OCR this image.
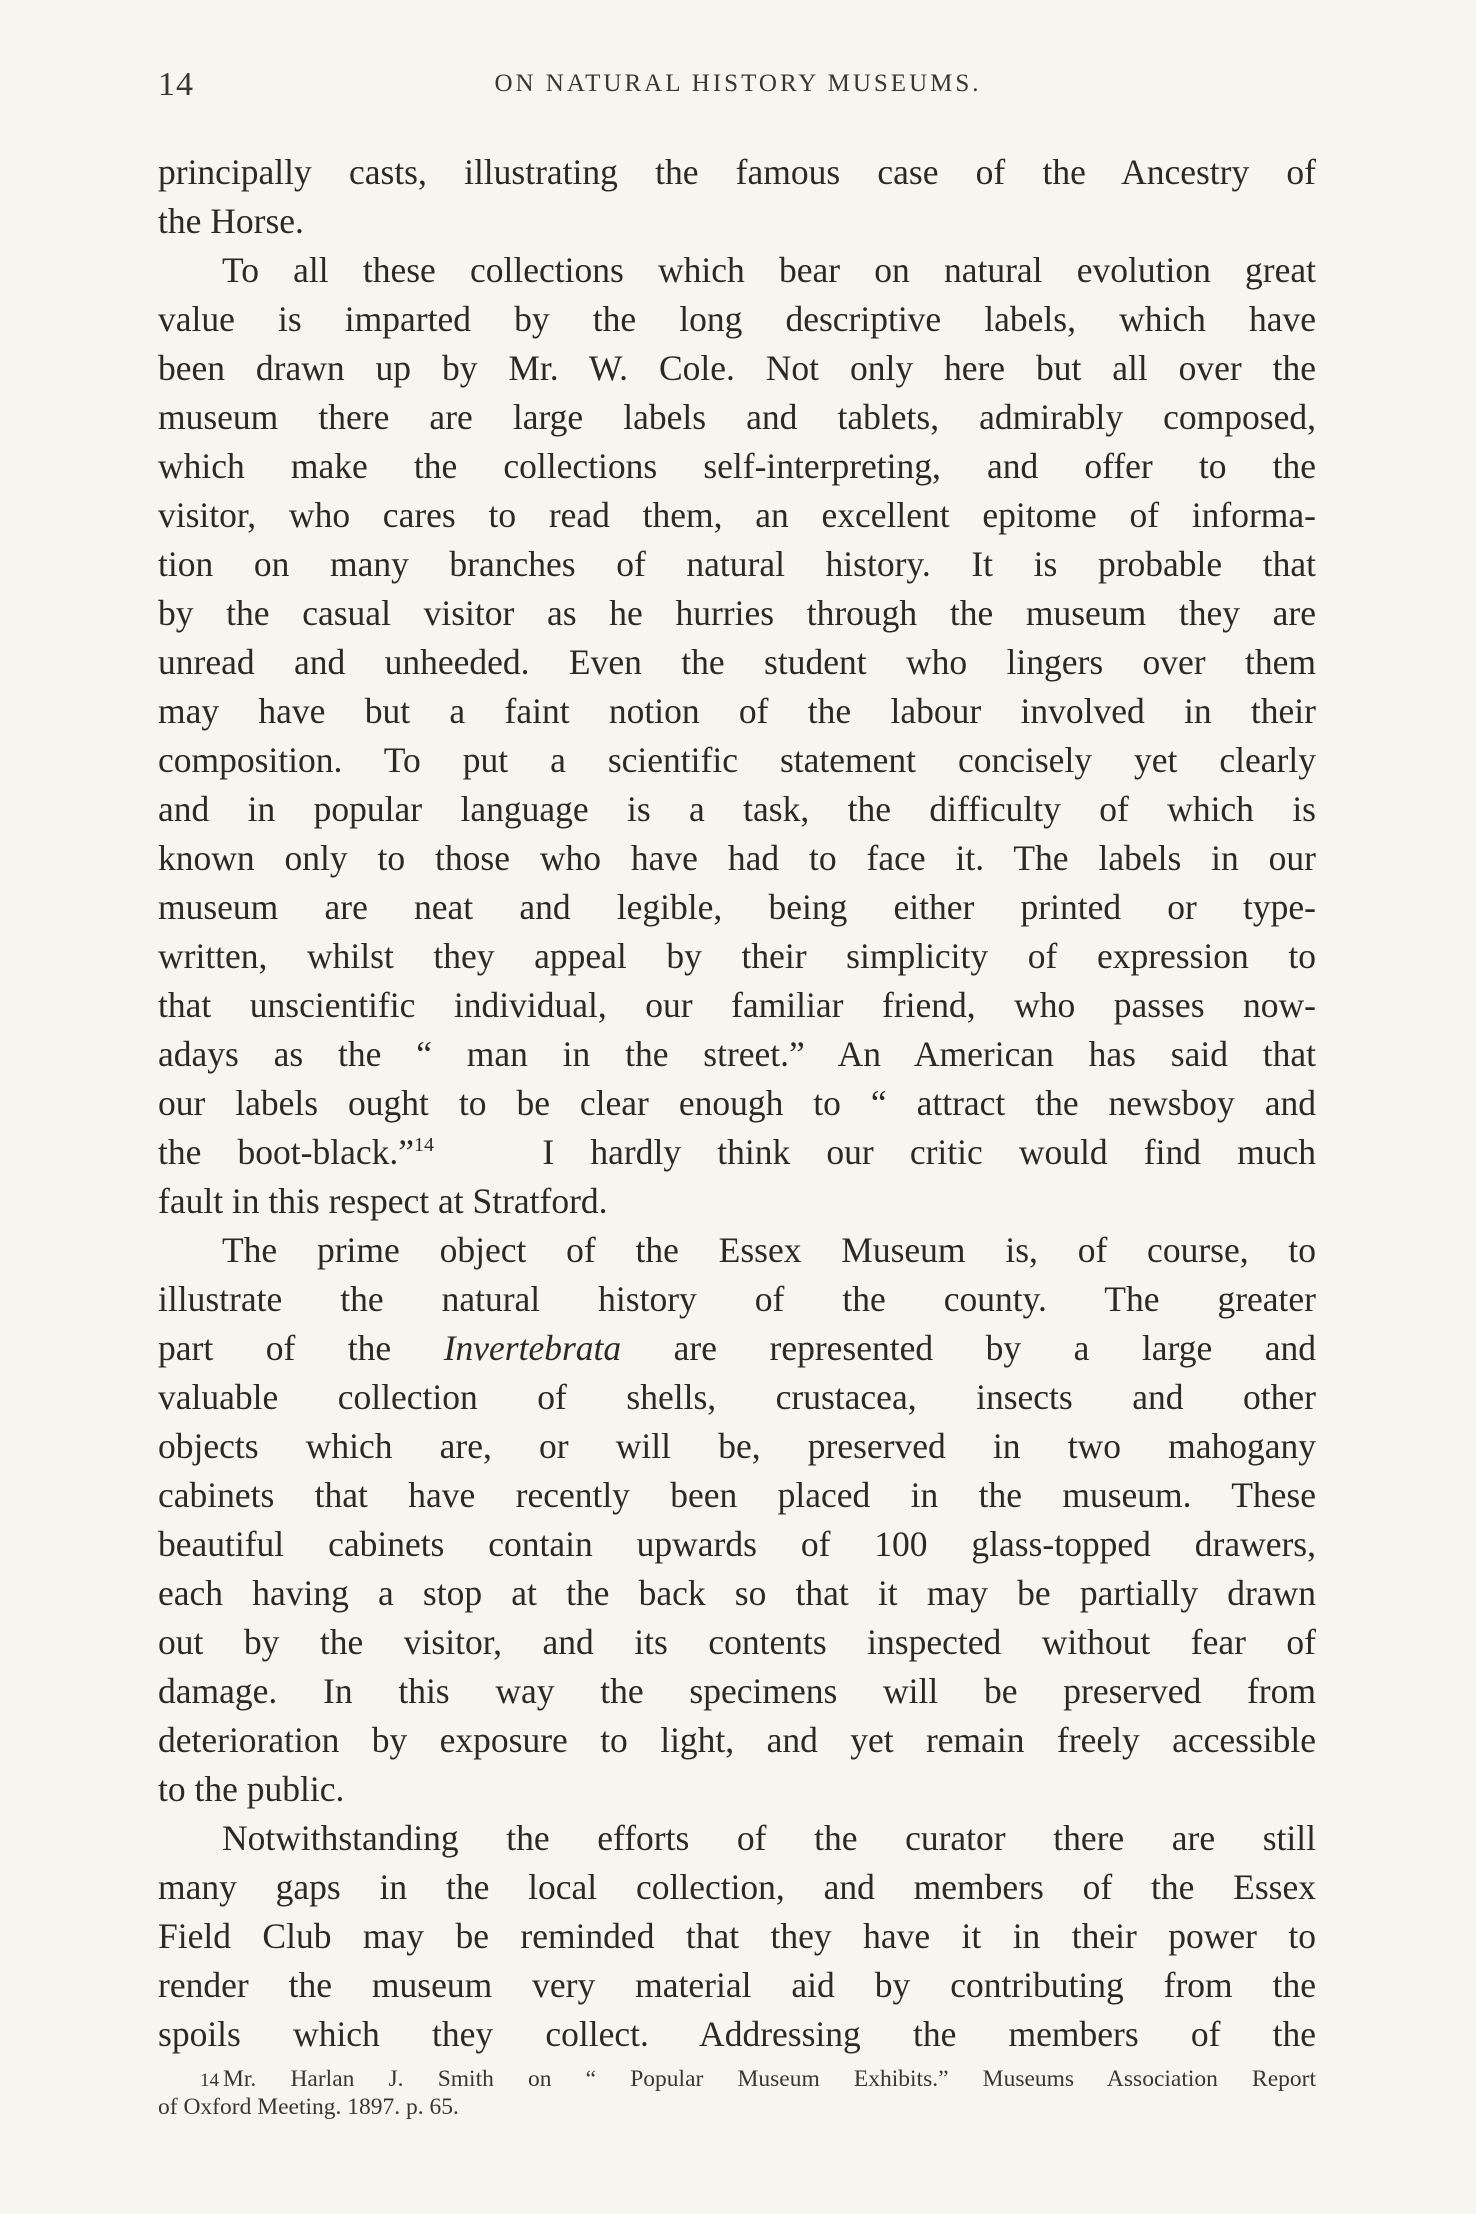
14	ON NATURAL HISTORY MUSEUMS.

principally casts, illustrating the famous case of the Ancestry of
the Horse.

To all these collections which bear on natural evolution great
value is imparted by the long descriptive labels, which have
been drawn up by Mr. W. Cole. Not only here but all over the
museum there are large labels and tablets, admirably composed,
which make the collections self-interpreting, and offer to the
visitor, who cares to read them, an excellent epitome of informa-
tion on many branches of natural history. It is probable that
by the casual visitor as he hurries through the museum they are
unread and unheeded. Even the student who lingers over them
may have but a faint notion of the labour involved in their
composition. To put a scientific statement concisely yet clearly
and in popular language is a task, the difficulty of which is
known only to those who have had to face it. The labels in our
museum are neat and legible, being either printed or type-
written, whilst they appeal by their simplicity of expression to
that unscientific individual, our familiar friend, who passes now-
adays as the “ man in the street.” An American has said that
our labels ought to be clear enough to “ attract the newsboy and
the boot-black.”$^{14}$	I hardly think our critic would find much
fault in this respect at Stratford.

The prime object of the Essex Museum is, of course, to
illustrate the natural history of the county. The greater
part of the Invertebrata are represented by a large and
valuable collection of shells, crustacea, insects and other
objects which are, or will be, preserved in two mahogany
cabinets that have recently been placed in the museum. These
beautiful cabinets contain upwards of 100 glass-topped drawers,
each having a stop at the back so that it may be partially drawn
out by the visitor, and its contents inspected without fear of
damage. In this way the specimens will be preserved from
deterioration by exposure to light, and yet remain freely accessible
to the public.

Notwithstanding the efforts of the curator there are still
many gaps in the local collection, and members of the Essex
Field Club may be reminded that they have it in their power to
render the museum very material aid by contributing from the
spoils which they collect. Addressing the members of the

14 Mr. Harlan J. Smith on “ Popular Museum Exhibits.” Museums Association Report
of Oxford Meeting. 1897. p. 65.
